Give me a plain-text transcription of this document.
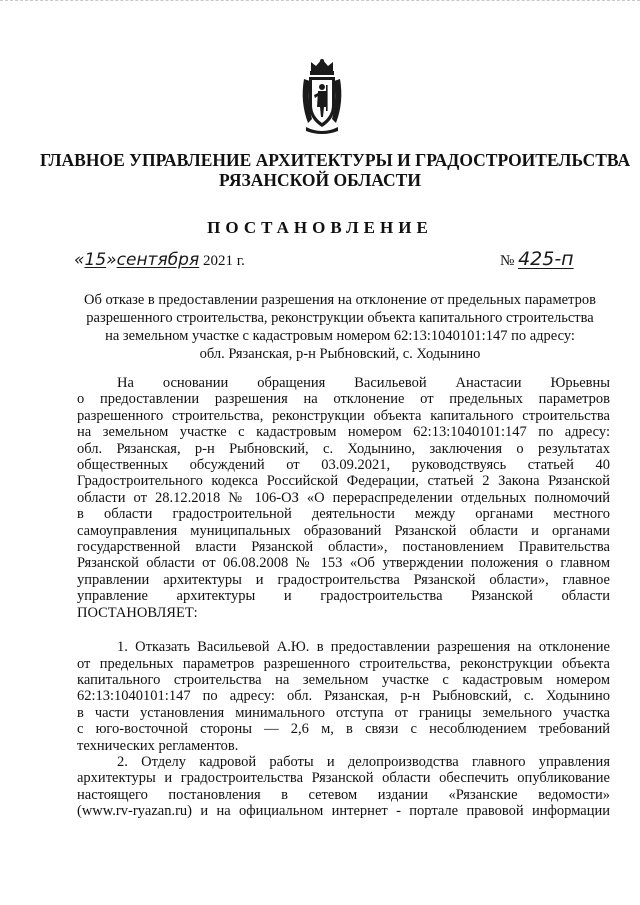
ГЛАВНОЕ УПРАВЛЕНИЕ АРХИТЕКТУРЫ И ГРАДОСТРОИТЕЛЬСТВА
РЯЗАНСКОЙ ОБЛАСТИ
ПОСТАНОВЛЕНИЕ
«15»сентября 2021 г.	№ 425-п
Об отказе в предоставлении разрешения на отклонение от предельных параметров
разрешенного строительства, реконструкции объекта капитального строительства
на земельном участке с кадастровым номером 62:13:1040101:147 по адресу:
обл. Рязанская, р-н Рыбновский, с. Ходынино
На основании обращения Васильевой Анастасии Юрьевны
о предоставлении разрешения на отклонение от предельных параметров
разрешенного строительства, реконструкции объекта капитального строительства
на земельном участке с кадастровым номером 62:13:1040101:147 по адресу:
обл. Рязанская, р-н Рыбновский, с. Ходынино, заключения о результатах
общественных обсуждений от 03.09.2021, руководствуясь статьей 40
Градостроительного кодекса Российской Федерации, статьей 2 Закона Рязанской
области от 28.12.2018 № 106-ОЗ «О перераспределении отдельных полномочий
в области градостроительной деятельности между органами местного
самоуправления муниципальных образований Рязанской области и органами
государственной власти Рязанской области», постановлением Правительства
Рязанской области от 06.08.2008 № 153 «Об утверждении положения о главном
управлении архитектуры и градостроительства Рязанской области», главное
управление архитектуры и градостроительства Рязанской области
ПОСТАНОВЛЯЕТ:
1. Отказать Васильевой А.Ю. в предоставлении разрешения на отклонение
от предельных параметров разрешенного строительства, реконструкции объекта
капитального строительства на земельном участке с кадастровым номером
62:13:1040101:147 по адресу: обл. Рязанская, р-н Рыбновский, с. Ходынино
в части установления минимального отступа от границы земельного участка
с юго-восточной стороны — 2,6 м, в связи с несоблюдением требований
технических регламентов.
2. Отделу кадровой работы и делопроизводства главного управления
архитектуры и градостроительства Рязанской области обеспечить опубликование
настоящего постановления в сетевом издании «Рязанские ведомости»
(www.rv-ryazan.ru) и на официальном интернет - портале правовой информации
